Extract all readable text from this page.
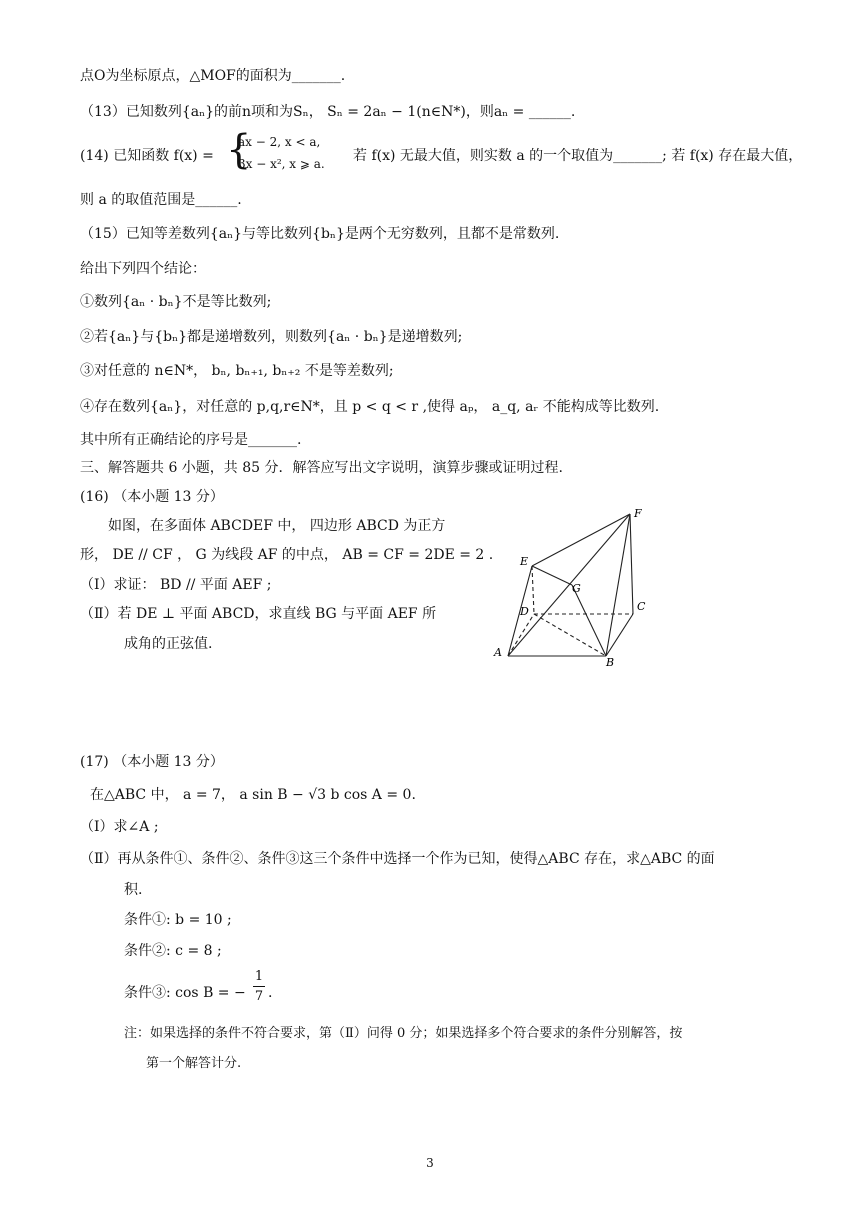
点O为坐标原点，△MOF的面积为_______.
（13）已知数列{aₙ}的前n项和为Sₙ， Sₙ = 2aₙ − 1(n∈N*)，则aₙ = ______.
(14) 已知函数 f(x) = {
ax − 2, x < a,
3x − x², x ⩾ a. 若 f(x) 无最大值，则实数 a 的一个取值为_______; 若 f(x) 存在最大值，
则 a 的取值范围是______.
（15）已知等差数列{aₙ}与等比数列{bₙ}是两个无穷数列，且都不是常数列.
给出下列四个结论：
①数列{aₙ · bₙ}不是等比数列;
②若{aₙ}与{bₙ}都是递增数列，则数列{aₙ · bₙ}是递增数列;
③对任意的 n∈N*， bₙ, bₙ₊₁, bₙ₊₂ 不是等差数列;
④存在数列{aₙ}，对任意的 p,q,r∈N*，且 p < q < r ,使得 aₚ， a_q, aᵣ 不能构成等比数列.
其中所有正确结论的序号是_______.
三、解答题共 6 小题，共 85 分．解答应写出文字说明，演算步骤或证明过程.
(16) （本小题 13 分）
如图，在多面体 ABCDEF 中， 四边形 ABCD 为正方
形， DE // CF ， G 为线段 AF 的中点， AB = CF = 2DE = 2 .
（Ⅰ）求证： BD // 平面 AEF ;
（Ⅱ）若 DE ⊥ 平面 ABCD，求直线 BG 与平面 AEF 所
成角的正弦值.
A
B
C
D
E
F
G
(17) （本小题 13 分）
在△ABC 中， a = 7， a sin B − √3 b cos A = 0.
（Ⅰ）求∠A ;
（Ⅱ）再从条件①、条件②、条件③这三个条件中选择一个作为已知，使得△ABC 存在，求△ABC 的面
积.
条件①: b = 10 ;
条件②: c = 8 ;
条件③: cos B = −
1
7 .
注：如果选择的条件不符合要求，第（Ⅱ）问得 0 分；如果选择多个符合要求的条件分别解答，按
第一个解答计分.
3
